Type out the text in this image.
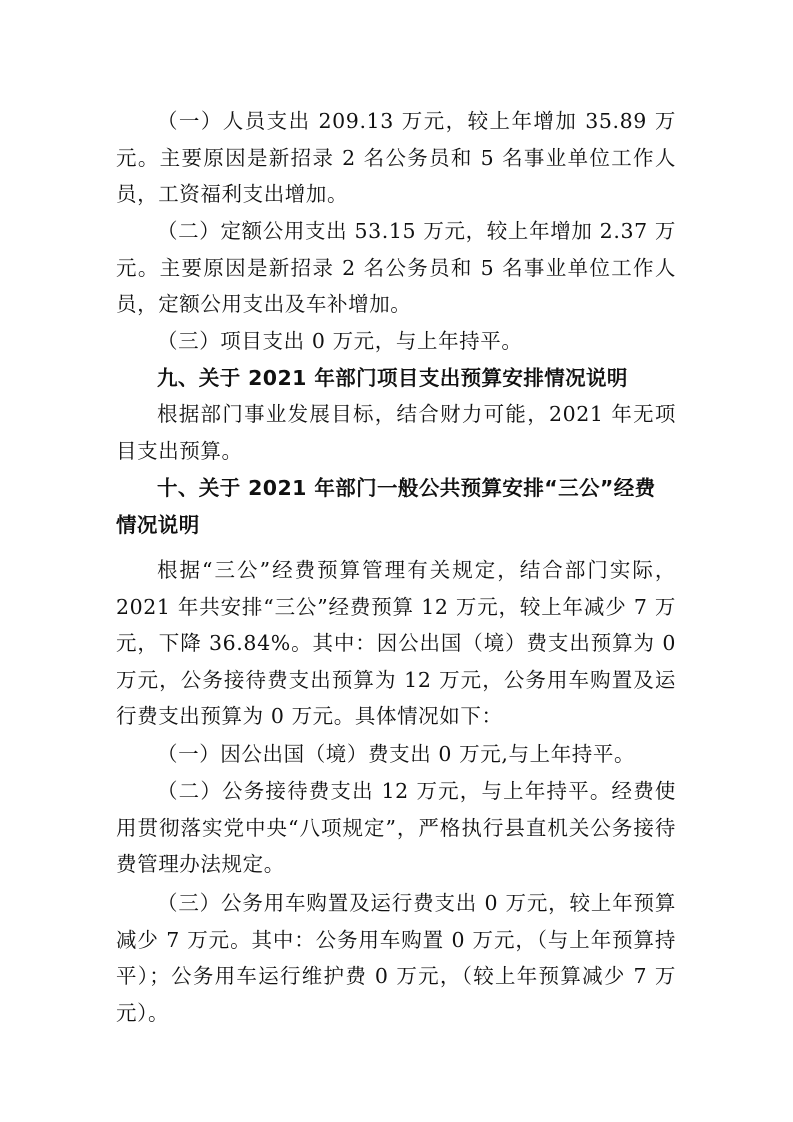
（一）人员支出 209.13 万元，较上年增加 35.89 万元。主要原因是新招录 2 名公务员和 5 名事业单位工作人员，工资福利支出增加。

（二）定额公用支出 53.15 万元，较上年增加 2.37 万元。主要原因是新招录 2 名公务员和 5 名事业单位工作人员，定额公用支出及车补增加。

（三）项目支出 0 万元，与上年持平。

九、关于 2021 年部门项目支出预算安排情况说明

根据部门事业发展目标，结合财力可能，2021 年无项目支出预算。

十、关于 2021 年部门一般公共预算安排“三公”经费
情况说明

根据“三公”经费预算管理有关规定，结合部门实际，2021 年共安排“三公”经费预算 12 万元，较上年减少 7 万元，下降 36.84%。其中：因公出国（境）费支出预算为 0 万元，公务接待费支出预算为 12 万元，公务用车购置及运行费支出预算为 0 万元。具体情况如下：

（一）因公出国（境）费支出 0 万元,与上年持平。

（二）公务接待费支出 12 万元，与上年持平。经费使用贯彻落实党中央“八项规定”，严格执行县直机关公务接待费管理办法规定。

（三）公务用车购置及运行费支出 0 万元，较上年预算减少 7 万元。其中：公务用车购置 0 万元，（与上年预算持平）；公务用车运行维护费 0 万元，（较上年预算减少 7 万元）。
